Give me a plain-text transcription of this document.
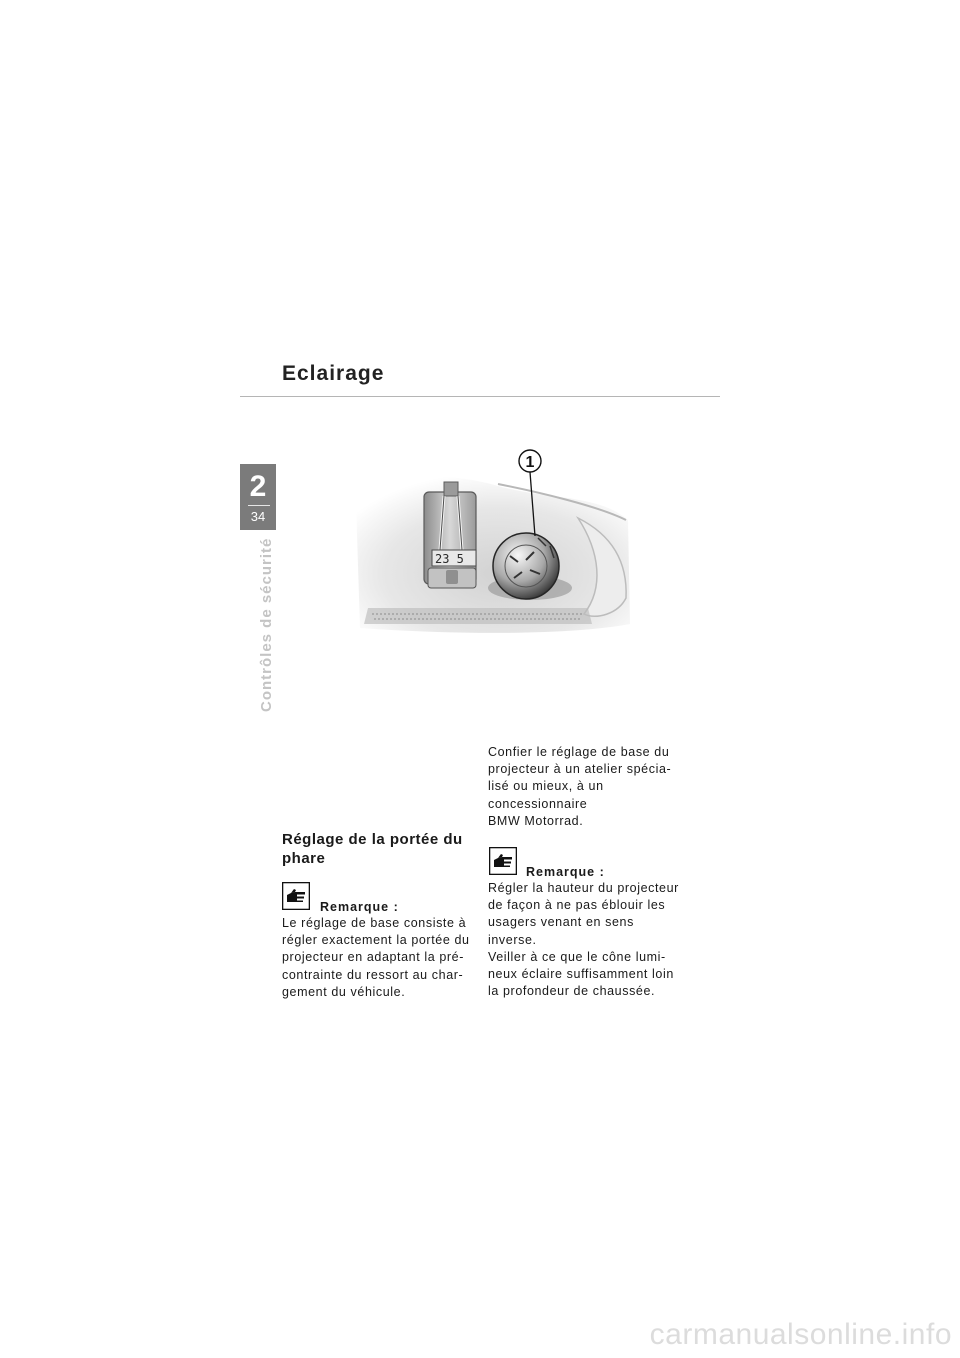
Eclairage
2
34
Contrôles de sécurité	23 5
1
Réglage de la portée du
phare
Remarque :
Le réglage de base consiste à
régler exactement la portée du
projecteur en adaptant la pré-
contrainte du ressort au char-
gement du véhicule.
Confier le réglage de base du
projecteur à un atelier spécia-
lisé ou mieux, à un
concessionnaire
BMW Motorrad.
Remarque :
Régler la hauteur du projecteur
de façon à ne pas éblouir les
usagers venant en sens
inverse.
Veiller à ce que le cône lumi-
neux éclaire suffisamment loin
la profondeur de chaussée.
carmanualsonline.info
